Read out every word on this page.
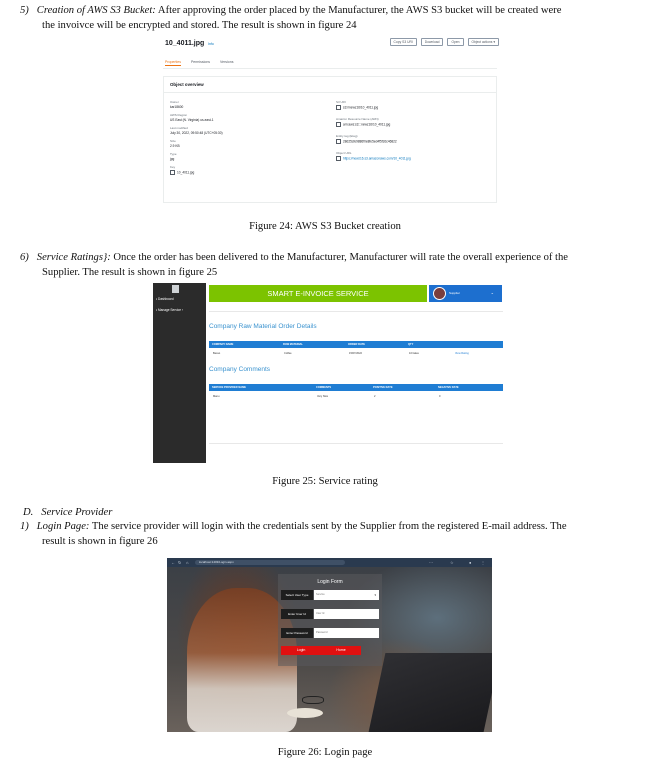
5) Creation of AWS S3 Bucket: After approving the order placed by the Manufacturer, the AWS S3 bucket will be created were
the invoivce will be encrypted and stored. The result is shown in figure 24
10_4011.jpg Info	Copy S3 URI	Download	Open	Object actions ▾
Properties	Permissions	Versions
Object overview
Owner
kar18600
AWS Region
US East (N. Virginia) us-east-1
Last modified
July 30, 2022, 09:50:48 (UTC+05:30)
Size
2.9 KB
Type
jpg
Key
10_4011.jpg
S3 URI
s3://newz16/10_4011.jpg
Amazon Resource Name (ARN)
arn:aws:s3:::newz16/10_4011.jpg
Entity tag (Etag)
28d25cfe9886f0e8fe5ed4f5f2dc46822
Object URL
https://newz16.s3.amazonaws.com/10_4011.jpg
Figure 24: AWS S3 Bucket creation
6) Service Ratings}: Once the order has been delivered to the Manufacturer, Manufacturer will rate the overall experience of the
Supplier. The result is shown in figure 25
▪ Dashboard
▪ Manage Service ›
SMART E-INVOICE SERVICE	Supplier	⌄
Company Raw Material Order Details
COMPANY NAME	RAW MATERIAL	ORDER DATE	QTY
Besso	Coffee	15/07/2022	10 bales	View Rating
Company Comments
SERVICE PROVIDER NAME	COMMENTS	POSITIVE RATE	NEGATIVE RATE
Manu	Very Nice	2	0
Figure 25: Service rating
D. Service Provider
1) Login Page: The service provider will login with the credentials sent by the Supplier from the registered E-mail address. The
result is shown in figure 26
← ↻ ⌂	localhost:1403/Login.aspx	⋯	☆	● ⋮
Login Form
Select User Type	Service	▾
Enter User Id	User Id
Enter Password	Password
Login	Home
Figure 26: Login page
